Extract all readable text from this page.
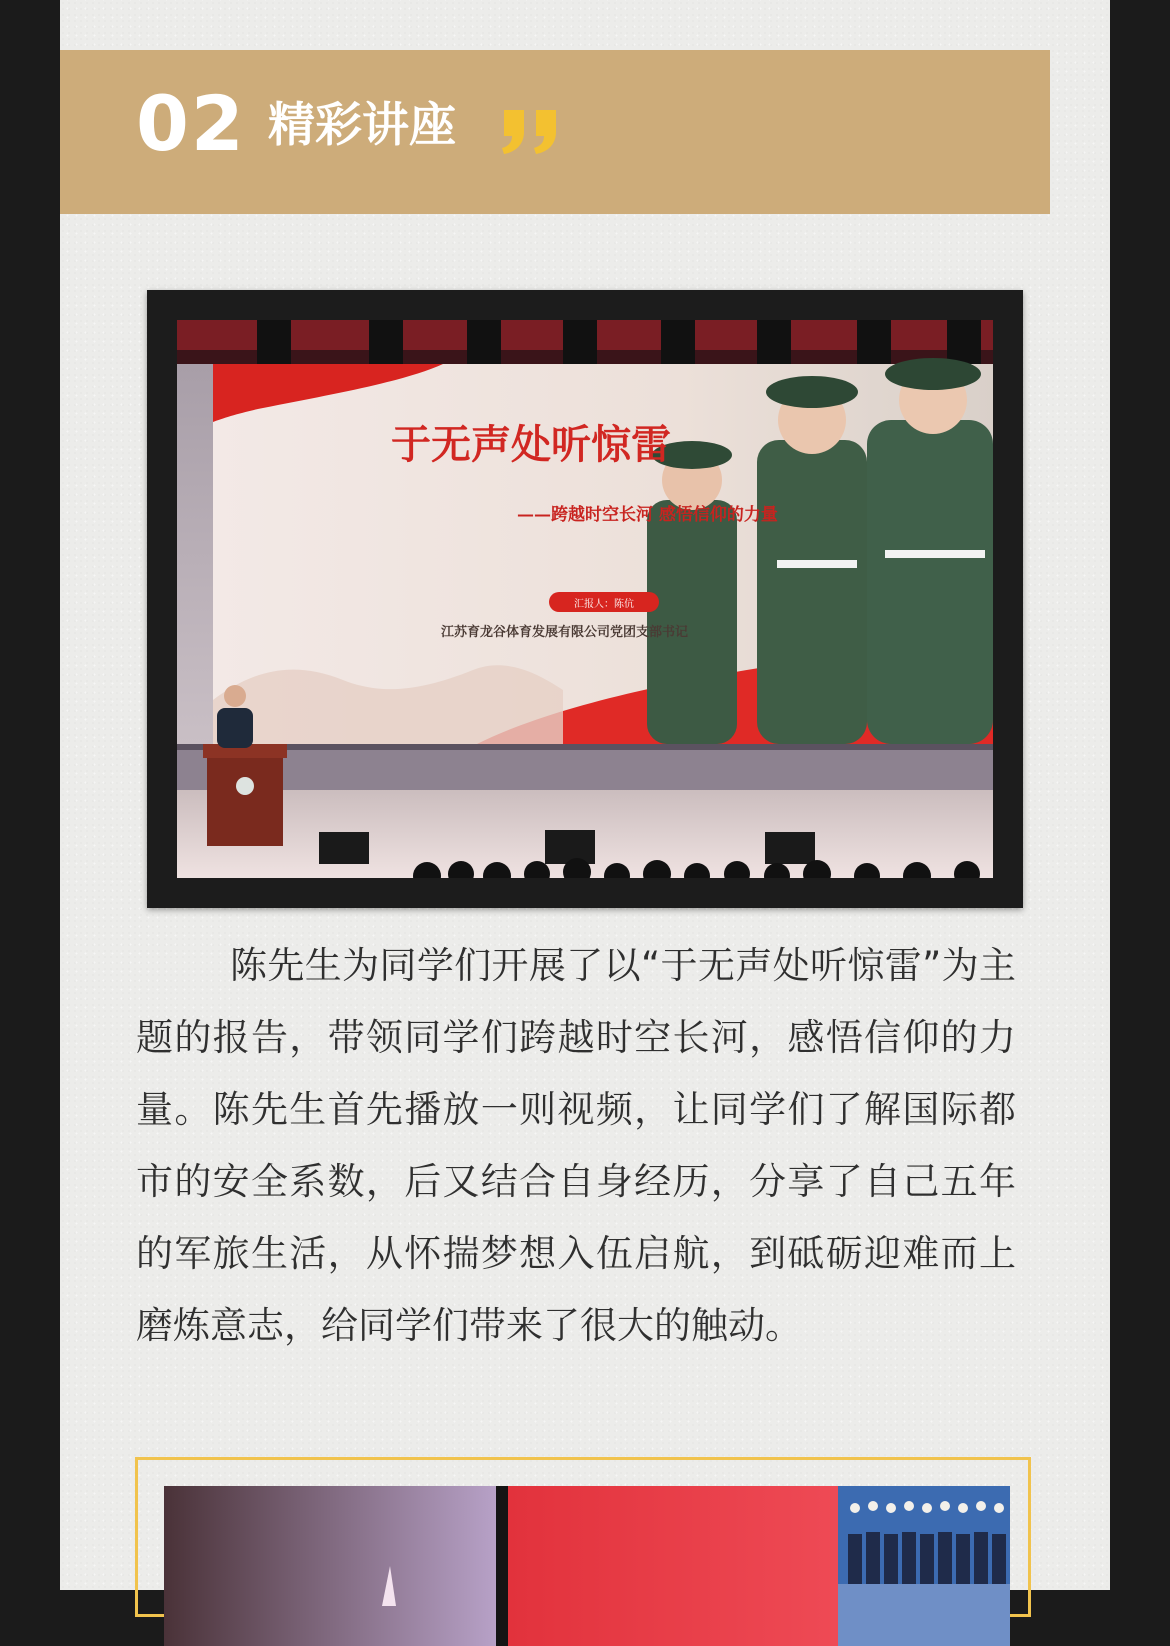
02 精彩讲座
于无声处听惊雷
——跨越时空长河 感悟信仰的力量
汇报人：陈伉
江苏育龙谷体育发展有限公司党团支部书记

陈先生为同学们开展了以“于无声处听惊雷”为主题的报告，带领同学们跨越时空长河，感悟信仰的力量。陈先生首先播放一则视频，让同学们了解国际都市的安全系数，后又结合自身经历，分享了自己五年的军旅生活，从怀揣梦想入伍启航，到砥砺迎难而上磨炼意志，给同学们带来了很大的触动。
